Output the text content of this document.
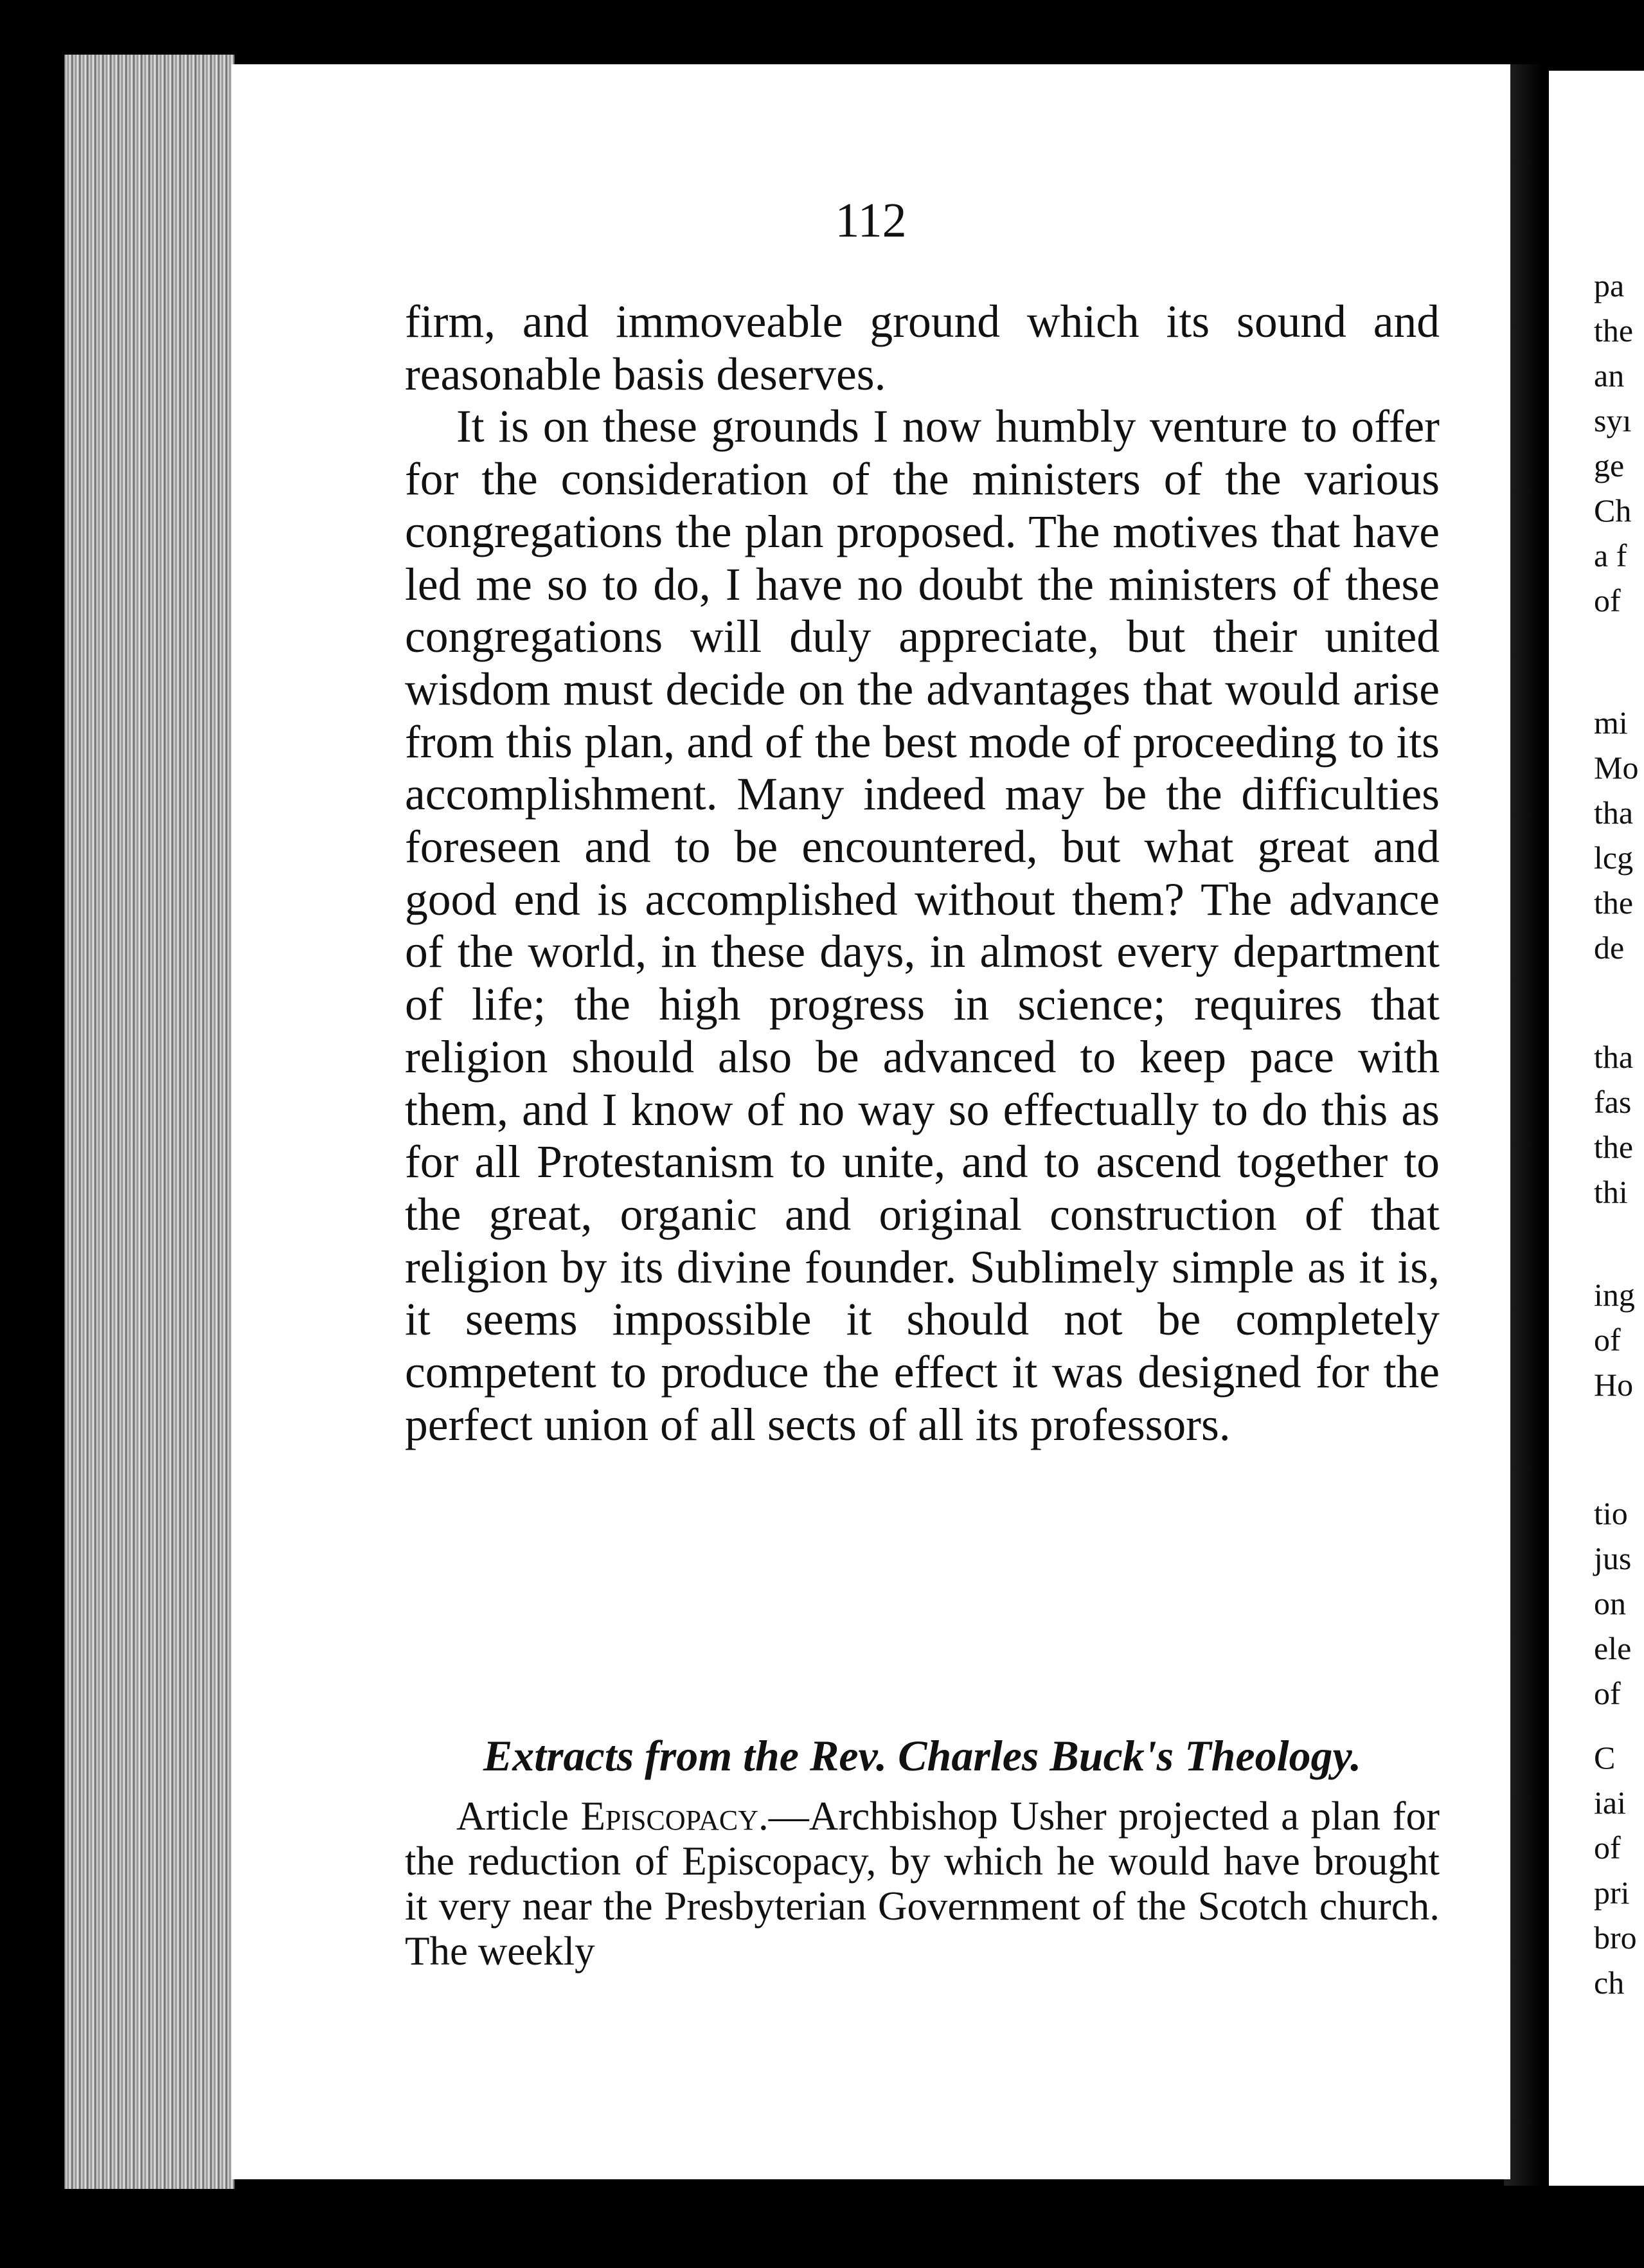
pa
the
an
syı
ge
Ch
a f
of
mi
Mo
tha
lcg
the
de
tha
fas
the
thi
ing
of
Ho
tio
jus
on
ele
of
C
iai
of
pri
bro
ch
112

firm, and immoveable ground which its sound and reasonable basis deserves.

It is on these grounds I now humbly venture to offer for the consideration of the ministers of the various congregations the plan proposed. The motives that have led me so to do, I have no doubt the ministers of these congregations will duly appreciate, but their united wisdom must decide on the advantages that would arise from this plan, and of the best mode of proceeding to its accomplishment. Many indeed may be the difficulties foreseen and to be encountered, but what great and good end is accomplished without them? The advance of the world, in these days, in almost every department of life; the high progress in science; requires that religion should also be advanced to keep pace with them, and I know of no way so effectually to do this as for all Protestanism to unite, and to ascend together to the great, organic and original construction of that religion by its divine founder. Sublimely simple as it is, it seems impossible it should not be completely competent to produce the effect it was designed for the perfect union of all sects of all its professors.

Extracts from the Rev. Charles Buck's Theology.

Article Episcopacy.—Archbishop Usher projected a plan for the reduction of Episcopacy, by which he would have brought it very near the Presbyterian Government of the Scotch church. The weekly
